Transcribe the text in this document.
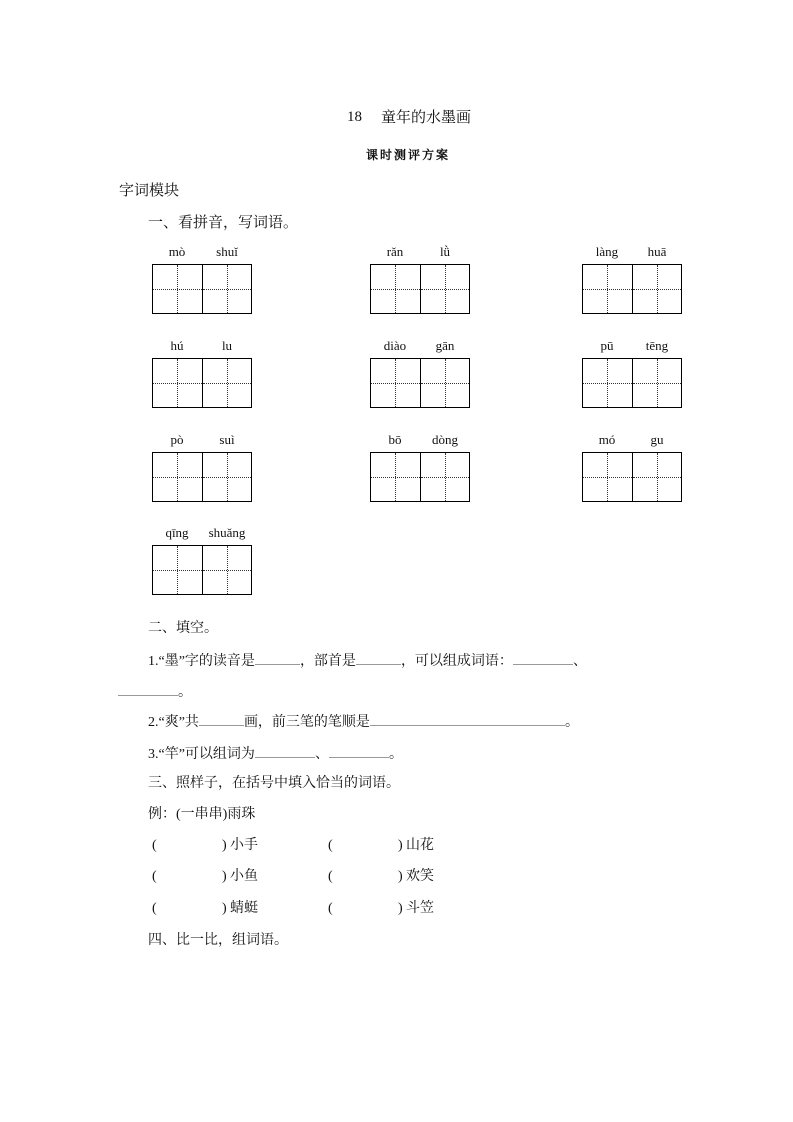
18 童年的水墨画
课时测评方案
字词模块
一、看拼音，写词语。
mò	shuǐ	rǎn	lǜ	làng	huā
hú	lu	diào	gān	pū	tēng
pò	suì	bō	dòng	mó	gu
qīng	shuǎng
二、填空。
1.“墨”字的读音是	，部首是	，可以组成词语：	、
。
2.“爽”共	画，前三笔的笔顺是	。
3.“竿”可以组词为	、	。
三、照样子，在括号中填入恰当的词语。
例：(一串串)雨珠
(	) 小手	(	) 山花
(	) 小鱼	(	) 欢笑
(	) 蜻蜓	(	) 斗笠
四、比一比，组词语。
